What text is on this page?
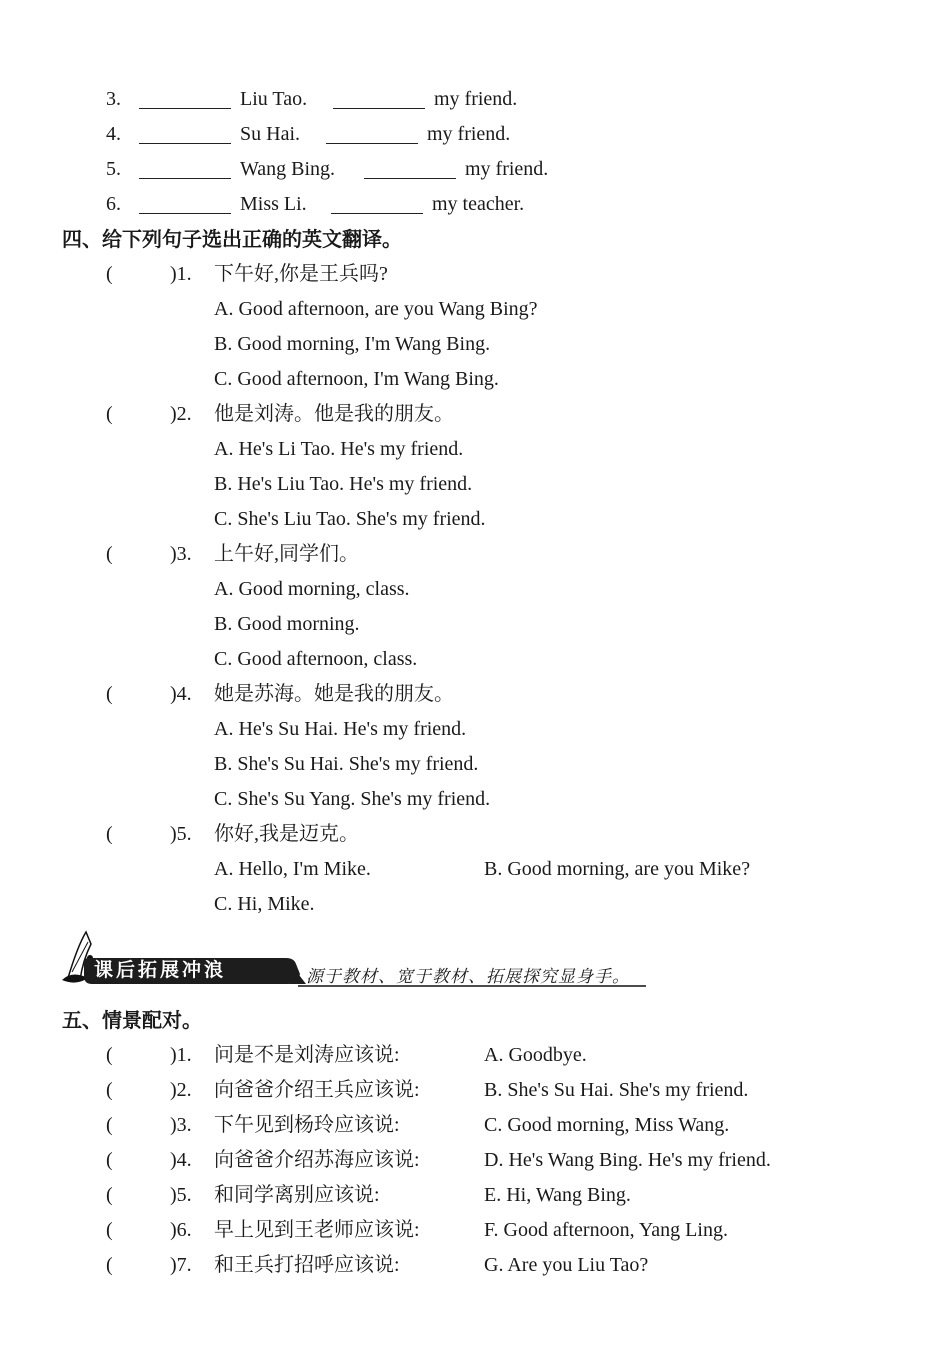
3.	Liu Tao.	my friend.
4.	Su Hai.	my friend.
5.	Wang Bing.	my friend.
6.	Miss Li.	my teacher.
四、给下列句子选出正确的英文翻译。
(	)1. 下午好,你是王兵吗?
A. Good afternoon, are you Wang Bing?
B. Good morning, I'm Wang Bing.
C. Good afternoon, I'm Wang Bing.
(	)2. 他是刘涛。他是我的朋友。
A. He's Li Tao. He's my friend.
B. He's Liu Tao. He's my friend.
C. She's Liu Tao. She's my friend.
(	)3. 上午好,同学们。
A. Good morning, class.
B. Good morning.
C. Good afternoon, class.
(	)4. 她是苏海。她是我的朋友。
A. He's Su Hai. He's my friend.
B. She's Su Hai. She's my friend.
C. She's Su Yang. She's my friend.
(	)5. 你好,我是迈克。
A. Hello, I'm Mike.	B. Good morning, are you Mike?
C. Hi, Mike.
课后拓展冲浪	源于教材、宽于教材、拓展探究显身手。
五、情景配对。
(	)1. 问是不是刘涛应该说:	A. Goodbye.
(	)2. 向爸爸介绍王兵应该说:	B. She's Su Hai. She's my friend.
(	)3. 下午见到杨玲应该说:	C. Good morning, Miss Wang.
(	)4. 向爸爸介绍苏海应该说:	D. He's Wang Bing. He's my friend.
(	)5. 和同学离别应该说:	E. Hi, Wang Bing.
(	)6. 早上见到王老师应该说:	F. Good afternoon, Yang Ling.
(	)7. 和王兵打招呼应该说:	G. Are you Liu Tao?
